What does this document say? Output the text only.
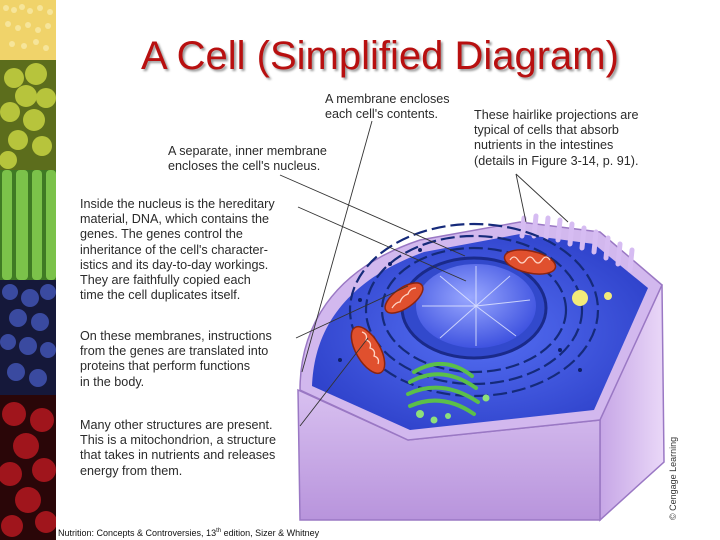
A Cell (Simplified Diagram)
A membrane encloses
each cell's contents.	These hairlike projections are
typical of cells that absorb
nutrients in the intestines
(details in Figure 3-14, p. 91).
A separate, inner membrane
encloses the cell's nucleus.
Inside the nucleus is the hereditary
material, DNA, which contains the
genes. The genes control the
inheritance of the cell's character-
istics and its day-to-day workings.
They are faithfully copied each
time the cell duplicates itself.
On these membranes, instructions
from the genes are translated into
proteins that perform functions
in the body.
Many other structures are present.
This is a mitochondrion, a structure
that takes in nutrients and releases
energy from them.
Nutrition: Concepts & Controversies, 13th edition, Sizer & Whitney
© Cengage Learning
